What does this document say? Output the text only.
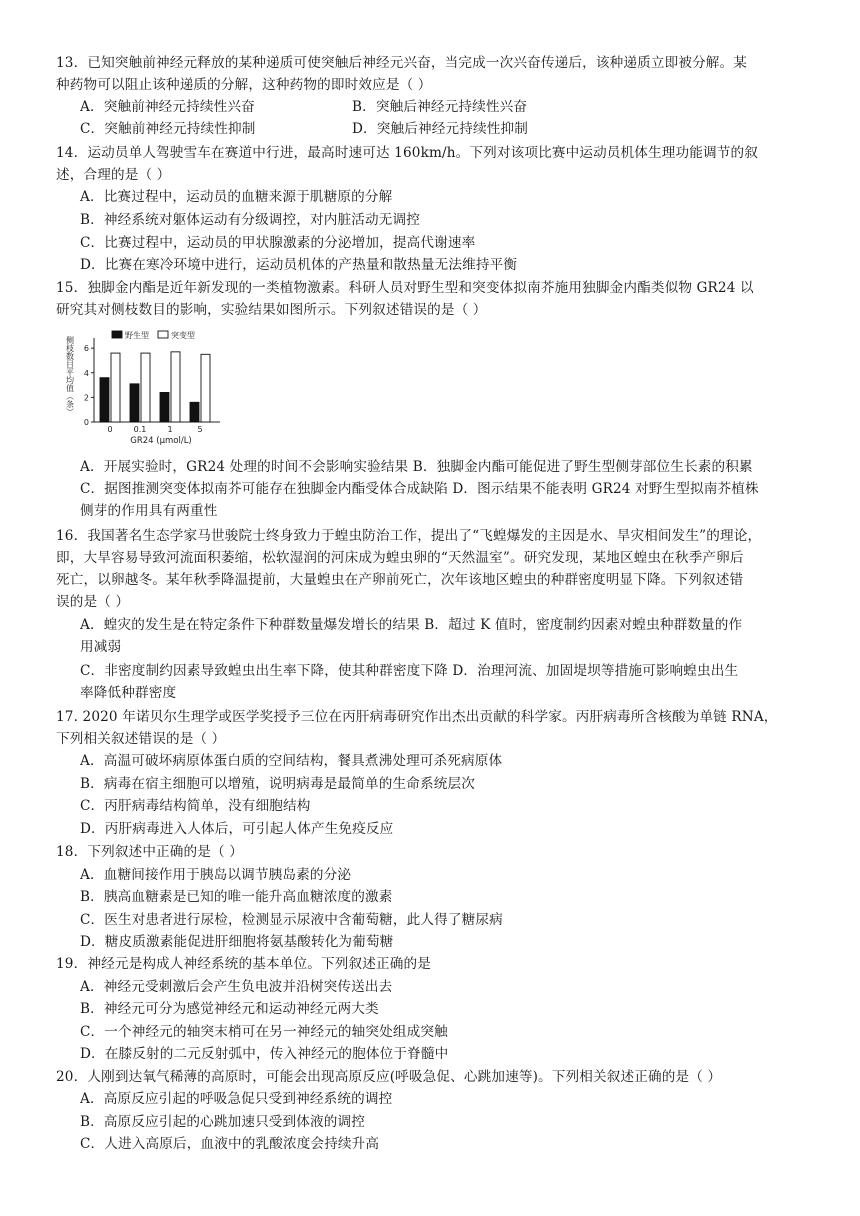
13．已知突触前神经元释放的某种递质可使突触后神经元兴奋，当完成一次兴奋传递后，该种递质立即被分解。某
种药物可以阻止该种递质的分解，这种药物的即时效应是（ ）
A．突触前神经元持续性兴奋	B．突触后神经元持续性兴奋
C．突触前神经元持续性抑制	D．突触后神经元持续性抑制
14．运动员单人驾驶雪车在赛道中行进，最高时速可达 160km/h。下列对该项比赛中运动员机体生理功能调节的叙
述，合理的是（ ）
A．比赛过程中，运动员的血糖来源于肌糖原的分解
B．神经系统对躯体运动有分级调控，对内脏活动无调控
C．比赛过程中，运动员的甲状腺激素的分泌增加，提高代谢速率
D．比赛在寒冷环境中进行，运动员机体的产热量和散热量无法维持平衡
15．独脚金内酯是近年新发现的一类植物激素。科研人员对野生型和突变体拟南芥施用独脚金内酯类似物 GR24 以
研究其对侧枝数目的影响，实验结果如图所示。下列叙述错误的是（ ）
0
2
4
6
0	0.1	1	5
GR24 (μmol/L)
侧枝数目平均值（条）
野生型	突变型
A．开展实验时，GR24 处理的时间不会影响实验结果 B．独脚金内酯可能促进了野生型侧芽部位生长素的积累
C．据图推测突变体拟南芥可能存在独脚金内酯受体合成缺陷 D．图示结果不能表明 GR24 对野生型拟南芥植株
侧芽的作用具有两重性
16．我国著名生态学家马世骏院士终身致力于蝗虫防治工作，提出了“飞蝗爆发的主因是水、旱灾相间发生”的理论，
即，大旱容易导致河流面积萎缩，松软湿润的河床成为蝗虫卵的“天然温室”。研究发现，某地区蝗虫在秋季产卵后
死亡，以卵越冬。某年秋季降温提前，大量蝗虫在产卵前死亡，次年该地区蝗虫的种群密度明显下降。下列叙述错
误的是（ ）
A．蝗灾的发生是在特定条件下种群数量爆发增长的结果 B．超过 K 值时，密度制约因素对蝗虫种群数量的作
用减弱
C．非密度制约因素导致蝗虫出生率下降，使其种群密度下降 D．治理河流、加固堤坝等措施可影响蝗虫出生
率降低种群密度
17. 2020 年诺贝尔生理学或医学奖授予三位在丙肝病毒研究作出杰出贡献的科学家。丙肝病毒所含核酸为单链 RNA，
下列相关叙述错误的是（ ）
A．高温可破坏病原体蛋白质的空间结构，餐具煮沸处理可杀死病原体
B．病毒在宿主细胞可以增殖，说明病毒是最简单的生命系统层次
C．丙肝病毒结构简单，没有细胞结构
D．丙肝病毒进入人体后，可引起人体产生免疫反应
18．下列叙述中正确的是（ ）
A．血糖间接作用于胰岛以调节胰岛素的分泌
B．胰高血糖素是已知的唯一能升高血糖浓度的激素
C．医生对患者进行尿检，检测显示尿液中含葡萄糖，此人得了糖尿病
D．糖皮质激素能促进肝细胞将氨基酸转化为葡萄糖
19．神经元是构成人神经系统的基本单位。下列叙述正确的是
A．神经元受刺激后会产生负电波并沿树突传送出去
B．神经元可分为感觉神经元和运动神经元两大类
C．一个神经元的轴突末梢可在另一神经元的轴突处组成突触
D．在膝反射的二元反射弧中，传入神经元的胞体位于脊髓中
20．人刚到达氧气稀薄的高原时，可能会出现高原反应(呼吸急促、心跳加速等)。下列相关叙述正确的是（ ）
A．高原反应引起的呼吸急促只受到神经系统的调控
B．高原反应引起的心跳加速只受到体液的调控
C．人进入高原后，血液中的乳酸浓度会持续升高
